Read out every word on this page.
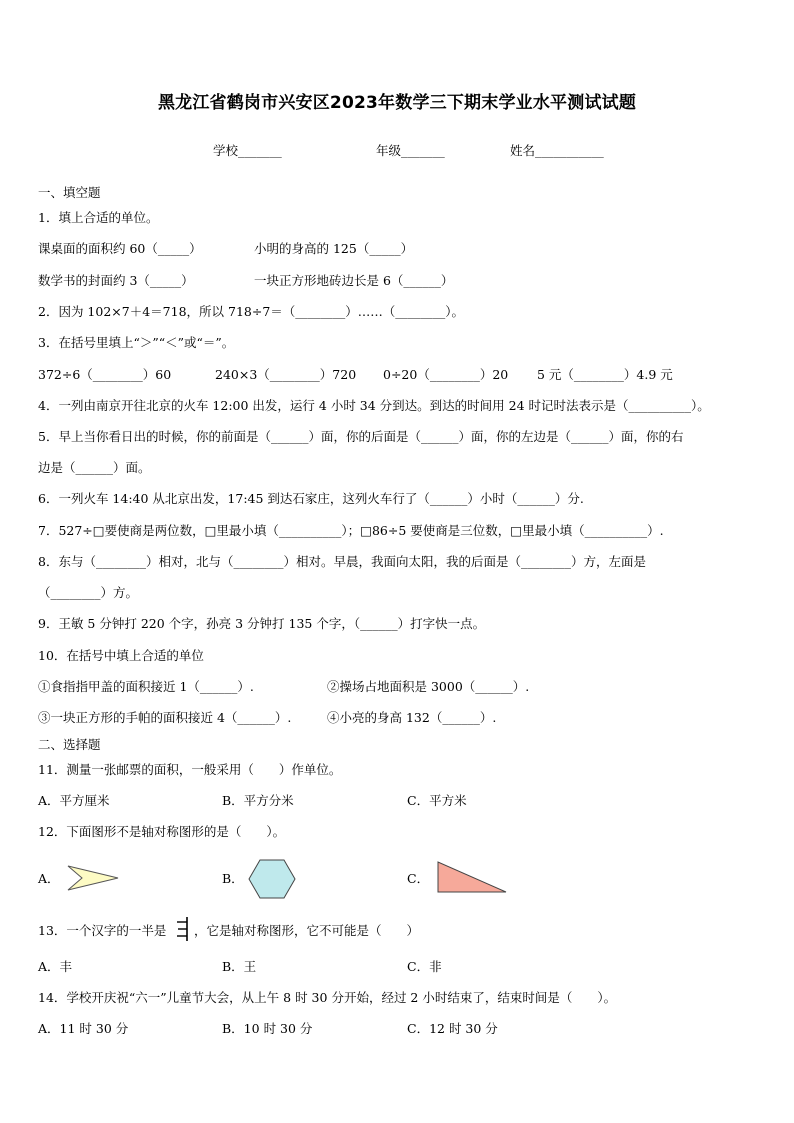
黑龙江省鹤岗市兴安区2023年数学三下期末学业水平测试试题
学校_______	年级_______	姓名___________
一、填空题
1．填上合适的单位。
课桌面的面积约 60（_____）	小明的身高的 125（_____）
数学书的封面约 3（_____）	一块正方形地砖边长是 6（______）
2．因为 102×7＋4＝718，所以 718÷7＝（________）……（________）。
3．在括号里填上“＞”“＜”或“＝”。
372÷6（________）60	240×3（________）720 0÷20（________）20 5 元（________）4.9 元
4．一列由南京开往北京的火车 12:00 出发，运行 4 小时 34 分到达。到达的时间用 24 时记时法表示是（__________）。
5．早上当你看日出的时候，你的前面是（______）面，你的后面是（______）面，你的左边是（______）面，你的右
边是（______）面。
6．一列火车 14:40 从北京出发，17:45 到达石家庄，这列火车行了（______）小时（______）分.
7．527÷□要使商是两位数，□里最小填（__________）；□86÷5 要使商是三位数，□里最小填（__________）.
8．东与（________）相对，北与（________）相对。早晨，我面向太阳，我的后面是（________）方，左面是
（________）方。
9．王敏 5 分钟打 220 个字，孙亮 3 分钟打 135 个字，（______）打字快一点。
10．在括号中填上合适的单位
①食指指甲盖的面积接近 1（______）.	②操场占地面积是 3000（______）.
③一块正方形的手帕的面积接近 4（______）.	④小亮的身高 132（______）.
二、选择题
11．测量一张邮票的面积，一般采用（　　）作单位。
A．平方厘米	B．平方分米	C．平方米
12．下面图形不是轴对称图形的是（　　）。
A．	B．	C．
13．一个汉字的一半是 ，它是轴对称图形，它不可能是（　　）
A．丰	B．王	C．非
14．学校开庆祝“六一”儿童节大会，从上午 8 时 30 分开始，经过 2 小时结束了，结束时间是（　　）。
A．11 时 30 分	B．10 时 30 分	C．12 时 30 分
